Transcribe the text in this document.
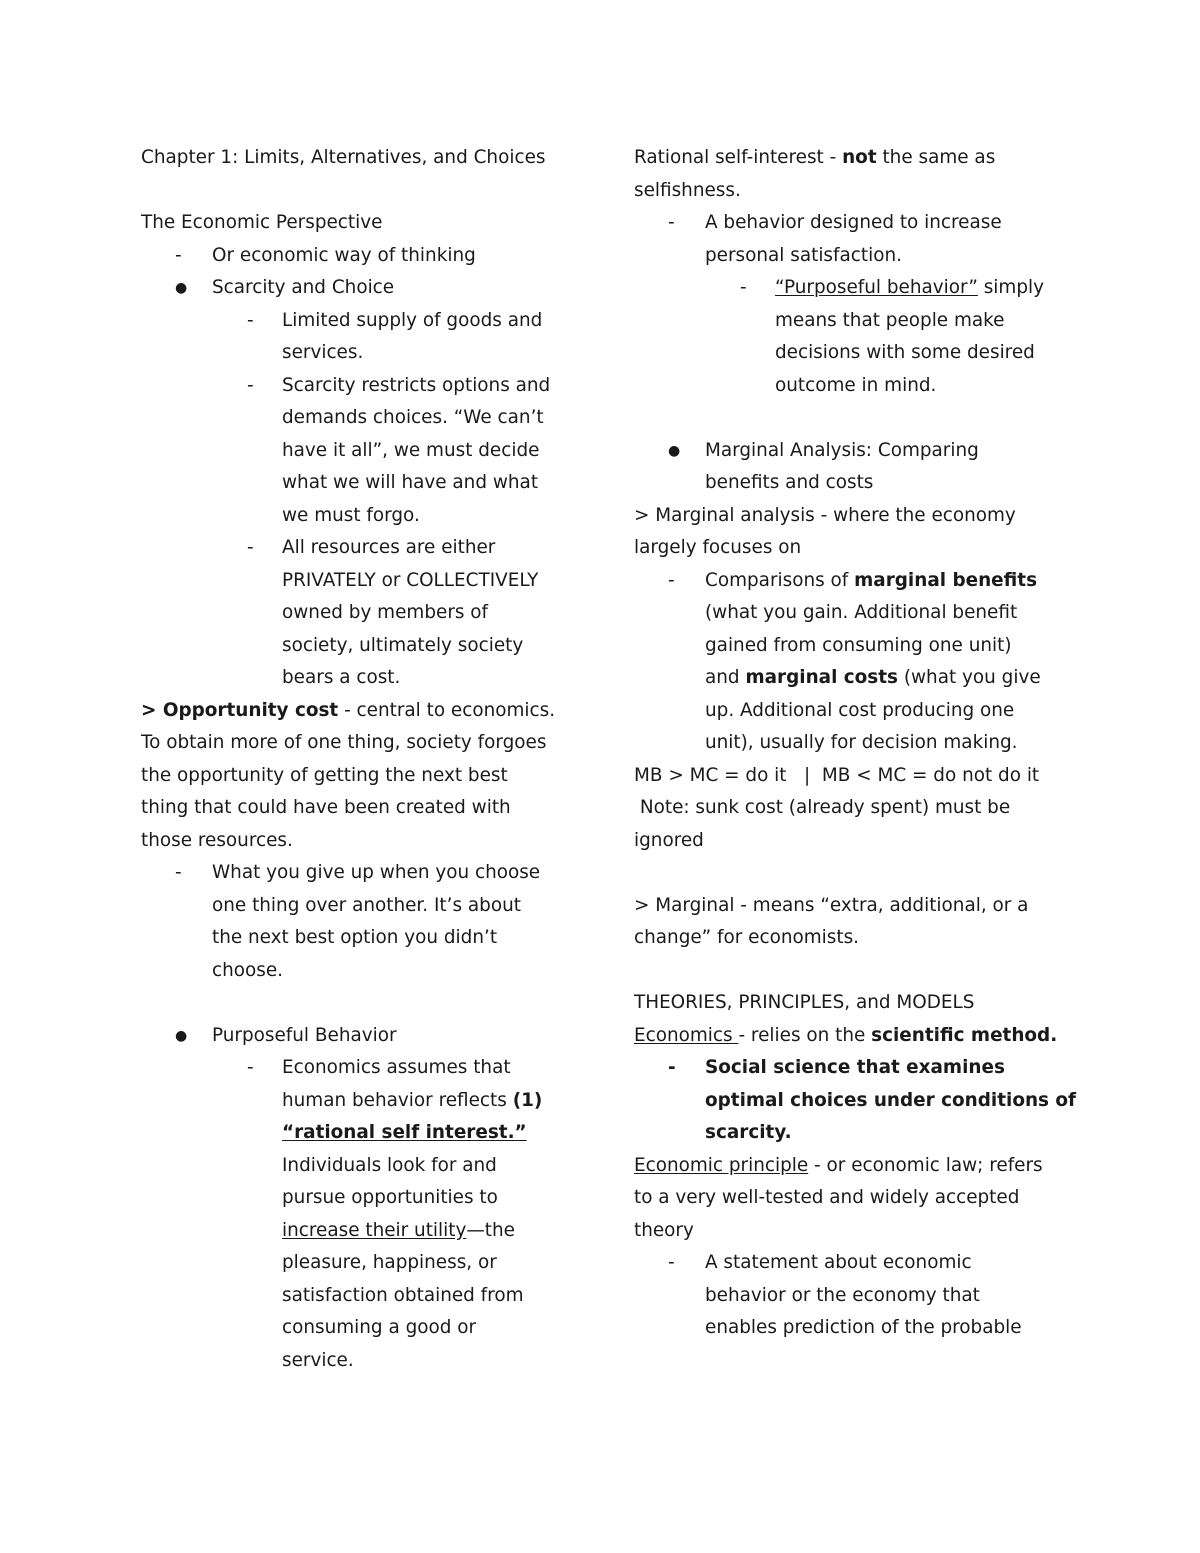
Chapter 1: Limits, Alternatives, and Choices
The Economic Perspective
- Or economic way of thinking
● Scarcity and Choice
- Limited supply of goods and
services.
- Scarcity restricts options and
demands choices. “We can’t
have it all”, we must decide
what we will have and what
we must forgo.
- All resources are either
PRIVATELY or COLLECTIVELY
owned by members of
society, ultimately society
bears a cost.
> Opportunity cost - central to economics.
To obtain more of one thing, society forgoes
the opportunity of getting the next best
thing that could have been created with
those resources.
- What you give up when you choose
one thing over another. It’s about
the next best option you didn’t
choose.
● Purposeful Behavior
- Economics assumes that
human behavior reflects (1)
“rational self interest.”
Individuals look for and
pursue opportunities to
increase their utility—the
pleasure, happiness, or
satisfaction obtained from
consuming a good or
service.
Rational self-interest - not the same as
selfishness.
- A behavior designed to increase
personal satisfaction.
- “Purposeful behavior” simply
means that people make
decisions with some desired
outcome in mind.
● Marginal Analysis: Comparing
benefits and costs
> Marginal analysis - where the economy
largely focuses on
- Comparisons of marginal benefits
(what you gain. Additional benefit
gained from consuming one unit)
and marginal costs (what you give
up. Additional cost producing one
unit), usually for decision making.
MB > MC = do it   |  MB < MC = do not do it
Note: sunk cost (already spent) must be
ignored
> Marginal - means “extra, additional, or a
change” for economists.
THEORIES, PRINCIPLES, and MODELS
Economics - relies on the scientific method.
- Social science that examines
optimal choices under conditions of
scarcity.
Economic principle - or economic law; refers
to a very well-tested and widely accepted
theory
- A statement about economic
behavior or the economy that
enables prediction of the probable
